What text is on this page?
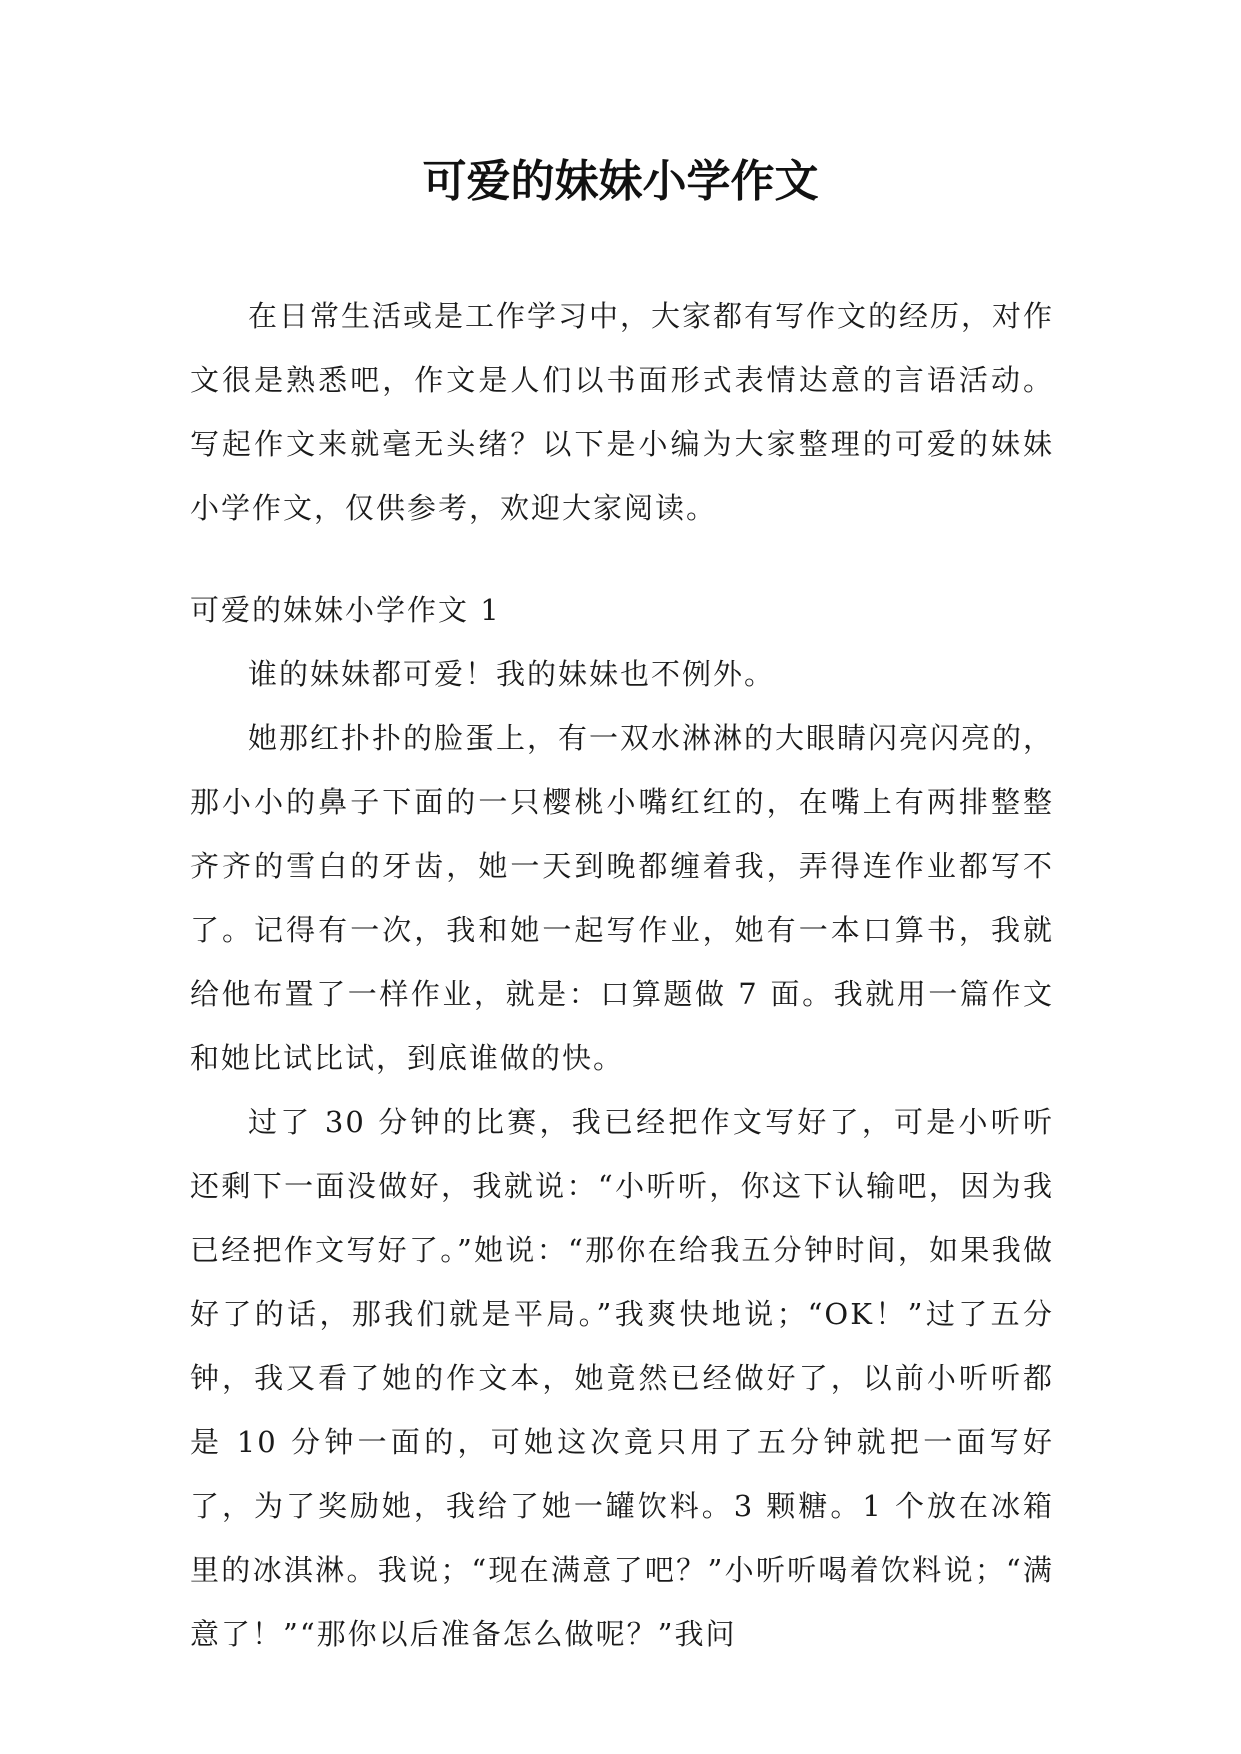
可爱的妹妹小学作文

在日常生活或是工作学习中，大家都有写作文的经历，对作文很是熟悉吧，作文是人们以书面形式表情达意的言语活动。写起作文来就毫无头绪？以下是小编为大家整理的可爱的妹妹小学作文，仅供参考，欢迎大家阅读。

可爱的妹妹小学作文 1

谁的妹妹都可爱！我的妹妹也不例外。

她那红扑扑的脸蛋上，有一双水淋淋的大眼睛闪亮闪亮的，那小小的鼻子下面的一只樱桃小嘴红红的，在嘴上有两排整整齐齐的雪白的牙齿，她一天到晚都缠着我，弄得连作业都写不了。记得有一次，我和她一起写作业，她有一本口算书，我就给他布置了一样作业，就是：口算题做 7 面。我就用一篇作文和她比试比试，到底谁做的快。

过了 30 分钟的比赛，我已经把作文写好了，可是小听听还剩下一面没做好，我就说：“小听听，你这下认输吧，因为我已经把作文写好了。”她说：“那你在给我五分钟时间，如果我做好了的话，那我们就是平局。”我爽快地说；“OK！”过了五分钟，我又看了她的作文本，她竟然已经做好了，以前小听听都是 10 分钟一面的，可她这次竟只用了五分钟就把一面写好了，为了奖励她，我给了她一罐饮料。3 颗糖。1 个放在冰箱里的冰淇淋。我说；“现在满意了吧？”小听听喝着饮料说；“满意了！”“那你以后准备怎么做呢？”我问
